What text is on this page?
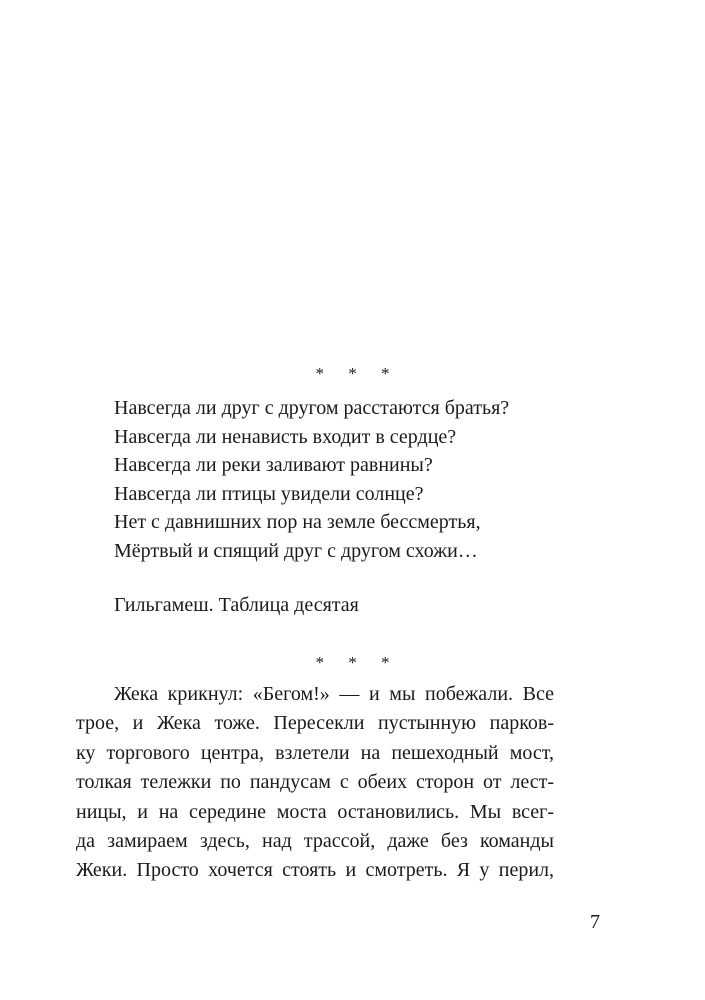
* * *
Навсегда ли друг с другом расстаются братья?
Навсегда ли ненависть входит в сердце?
Навсегда ли реки заливают равнины?
Навсегда ли птицы увидели солнце?
Нет с давнишних пор на земле бессмертья,
Мёртвый и спящий друг с другом схожи…
Гильгамеш. Таблица десятая
* * *
Жека крикнул: «Бегом!» — и мы побежали. Все
трое, и Жека тоже. Пересекли пустынную парков-
ку торгового центра, взлетели на пешеходный мост,
толкая тележки по пандусам с обеих сторон от лест-
ницы, и на середине моста остановились. Мы всег-
да замираем здесь, над трассой, даже без команды
Жеки. Просто хочется стоять и смотреть. Я у перил,
7
